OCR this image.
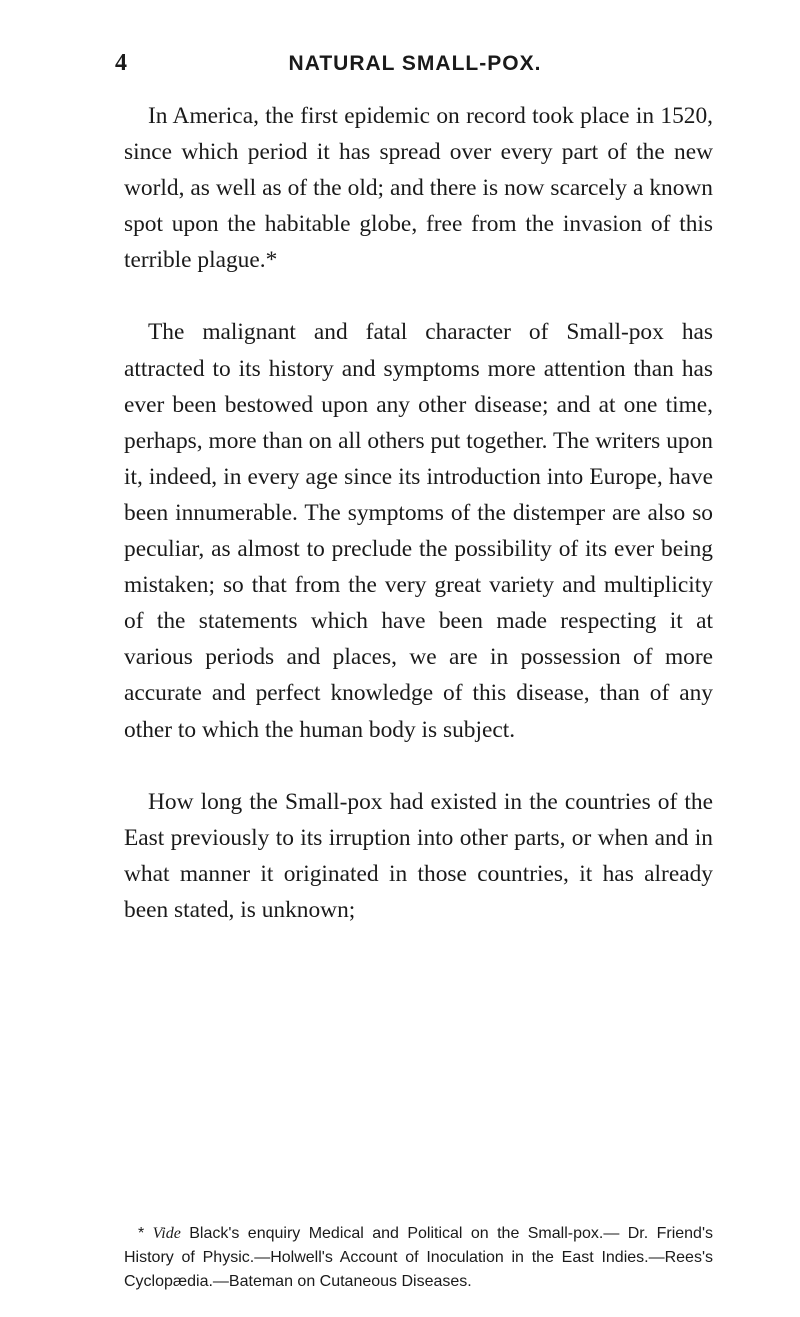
4	NATURAL SMALL-POX.

In America, the first epidemic on record took place in 1520, since which period it has spread over every part of the new world, as well as of the old; and there is now scarcely a known spot upon the habitable globe, free from the invasion of this terrible plague.*

The malignant and fatal character of Small-pox has attracted to its history and symptoms more attention than has ever been bestowed upon any other disease; and at one time, perhaps, more than on all others put together. The writers upon it, indeed, in every age since its introduction into Europe, have been innumerable. The symptoms of the distemper are also so peculiar, as almost to preclude the possibility of its ever being mistaken; so that from the very great variety and multiplicity of the statements which have been made respecting it at various periods and places, we are in possession of more accurate and perfect knowledge of this disease, than of any other to which the human body is subject.

How long the Small-pox had existed in the countries of the East previously to its irruption into other parts, or when and in what manner it originated in those countries, it has already been stated, is unknown;

* Vide Black's enquiry Medical and Political on the Small-pox.— Dr. Friend's History of Physic.—Holwell's Account of Inoculation in the East Indies.—Rees's Cyclopædia.—Bateman on Cutaneous Diseases.
